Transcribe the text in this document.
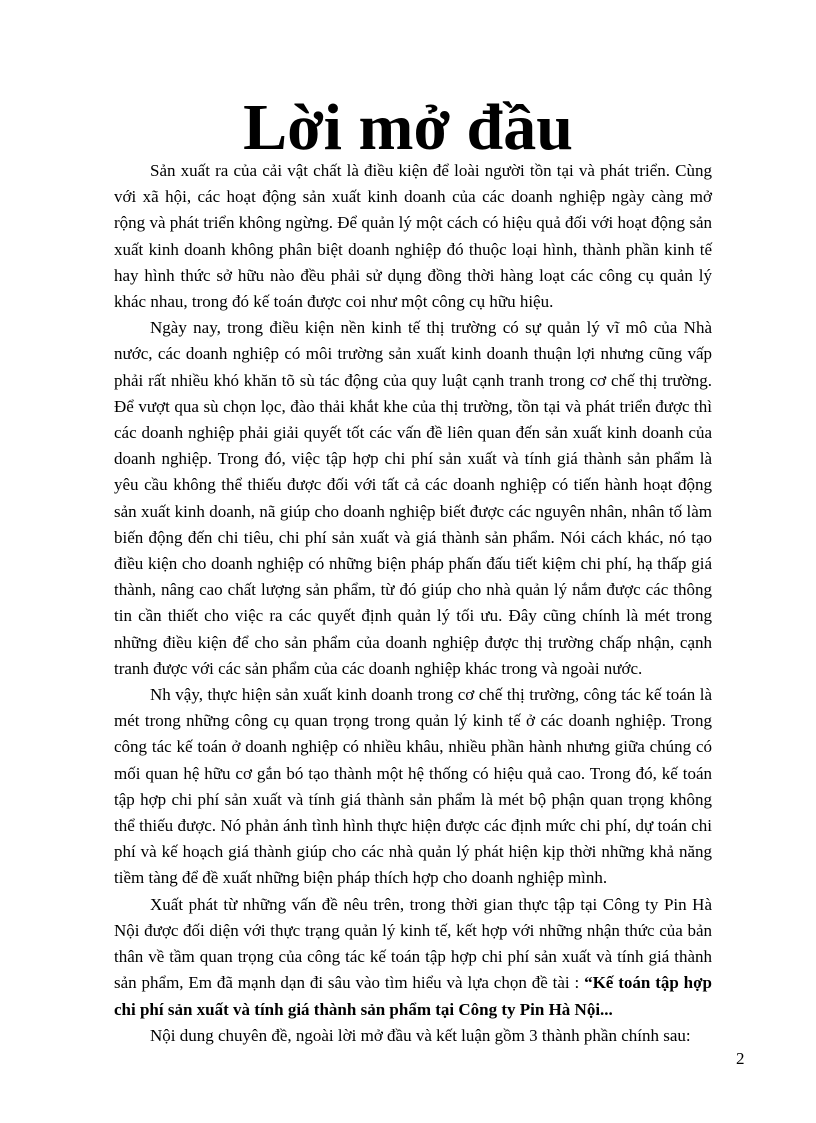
Lời mở đầu

Sản xuất ra của cải vật chất là điều kiện để loài người tồn tại và phát triển. Cùng với xã hội, các hoạt động sản xuất kinh doanh của các doanh nghiệp ngày càng mở rộng và phát triển không ngừng. Để quản lý một cách có hiệu quả đối với hoạt động sản xuất kinh doanh không phân biệt doanh nghiệp đó thuộc loại hình, thành phần kinh tế hay hình thức sở hữu nào đều phải sử dụng đồng thời hàng loạt các công cụ quản lý khác nhau, trong đó kế toán được coi như một công cụ hữu hiệu.

Ngày nay, trong điều kiện nền kinh tế thị trường có sự quản lý vĩ mô của Nhà nước, các doanh nghiệp có môi trường sản xuất kinh doanh thuận lợi nhưng cũng vấp phải rất nhiều khó khăn tõ sù tác động của quy luật cạnh tranh trong cơ chế thị trường. Để vượt qua sù chọn lọc, đào thải khắt khe của thị trường, tồn tại và phát triển được thì các doanh nghiệp phải giải quyết tốt các vấn đề liên quan đến sản xuất kinh doanh của doanh nghiệp. Trong đó, việc tập hợp chi phí sản xuất và tính giá thành sản phẩm là yêu cầu không thể thiếu được đối với tất cả các doanh nghiệp có tiến hành hoạt động sản xuất kinh doanh, nã giúp cho doanh nghiệp biết được các nguyên nhân, nhân tố làm biến động đến chi tiêu, chi phí sản xuất và giá thành sản phẩm. Nói cách khác, nó tạo điều kiện cho doanh nghiệp có những biện pháp phấn đấu tiết kiệm chi phí, hạ thấp giá thành, nâng cao chất lượng sản phẩm, từ đó giúp cho nhà quản lý nắm được các thông tin cần thiết cho việc ra các quyết định quản lý tối ưu. Đây cũng chính là mét trong những điều kiện để cho sản phẩm của doanh nghiệp được thị trường chấp nhận, cạnh tranh được với các sản phẩm của các doanh nghiệp khác trong và ngoài nước.

Nh vậy, thực hiện sản xuất kinh doanh trong cơ chế thị trường, công tác kế toán là mét trong những công cụ quan trọng trong quản lý kinh tế ở các doanh nghiệp. Trong công tác kế toán ở doanh nghiệp có nhiều khâu, nhiều phần hành nhưng giữa chúng có mối quan hệ hữu cơ gắn bó tạo thành một hệ thống có hiệu quả cao. Trong đó, kế toán tập hợp chi phí sản xuất và tính giá thành sản phẩm là mét bộ phận quan trọng không thể thiếu được. Nó phản ánh tình hình thực hiện được các định mức chi phí, dự toán chi phí và kế hoạch giá thành giúp cho các nhà quản lý phát hiện kịp thời những khả năng tiềm tàng để đề xuất những biện pháp thích hợp cho doanh nghiệp mình.

Xuất phát từ những vấn đề nêu trên, trong thời gian thực tập tại Công ty Pin Hà Nội được đối diện với thực trạng quản lý kinh tế, kết hợp với những nhận thức của bản thân về tầm quan trọng của công tác kế toán tập hợp chi phí sản xuất và tính giá thành sản phẩm, Em đã mạnh dạn đi sâu vào tìm hiểu và lựa chọn đề tài : “Kế toán tập hợp chi phí sản xuất và tính giá thành sản phẩm tại Công ty Pin Hà Nội...

Nội dung chuyên đề, ngoài lời mở đầu và kết luận gồm 3 thành phần chính sau:

2
